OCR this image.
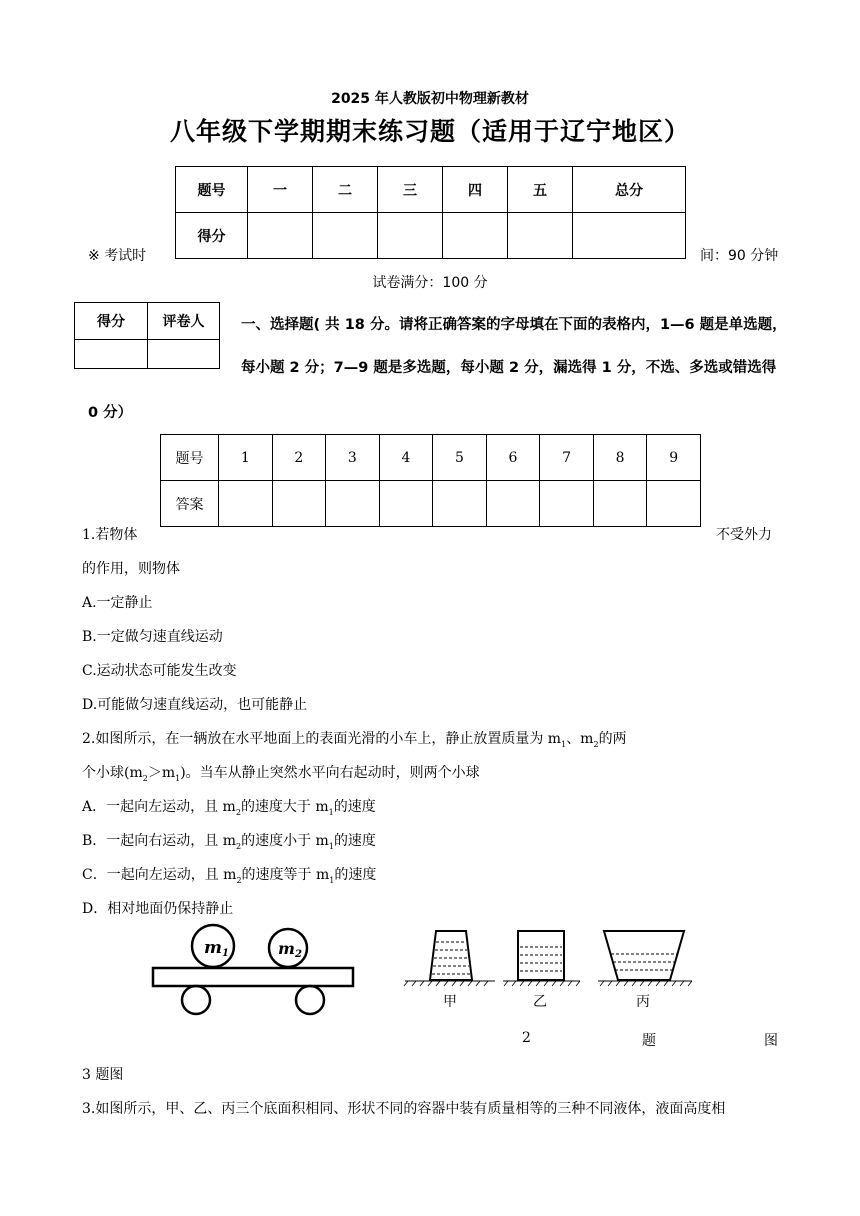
2025 年人教版初中物理新教材
八年级下学期期末练习题（适用于辽宁地区）
题号	一	二	三	四	五	总分
得分						
※ 考试时	间：90 分钟
试卷满分：100 分
得分	评卷人
		一、选择题( 共 18 分。请将正确答案的字母填在下面的表格内，1—6 题是单选题，
每小题 2 分；7—9 题是多选题，每小题 2 分，漏选得 1 分，不选、多选或错选得
0 分）
题号	1	2	3	4	5	6	7	8	9
答案									
1.若物体	不受外力
的作用，则物体
A.一定静止
B.一定做匀速直线运动
C.运动状态可能发生改变
D.可能做匀速直线运动，也可能静止
2.如图所示，在一辆放在水平地面上的表面光滑的小车上，静止放置质量为 $m_1$、$m_2$的两
个小球$(m_2>m_1)$。当车从静止突然水平向右起动时，则两个小球
A．一起向左运动，且 $m_2$的速度大于 $m_1$的速度
B．一起向右运动，且 $m_2$的速度小于 $m_1$的速度
C．一起向左运动，且 $m_2$的速度等于 $m_1$的速度
D．相对地面仍保持静止
m1	m2
甲	乙	丙
2	题	图
3 题图
3.如图所示，甲、乙、丙三个底面积相同、形状不同的容器中装有质量相等的三种不同液体，液面高度相
